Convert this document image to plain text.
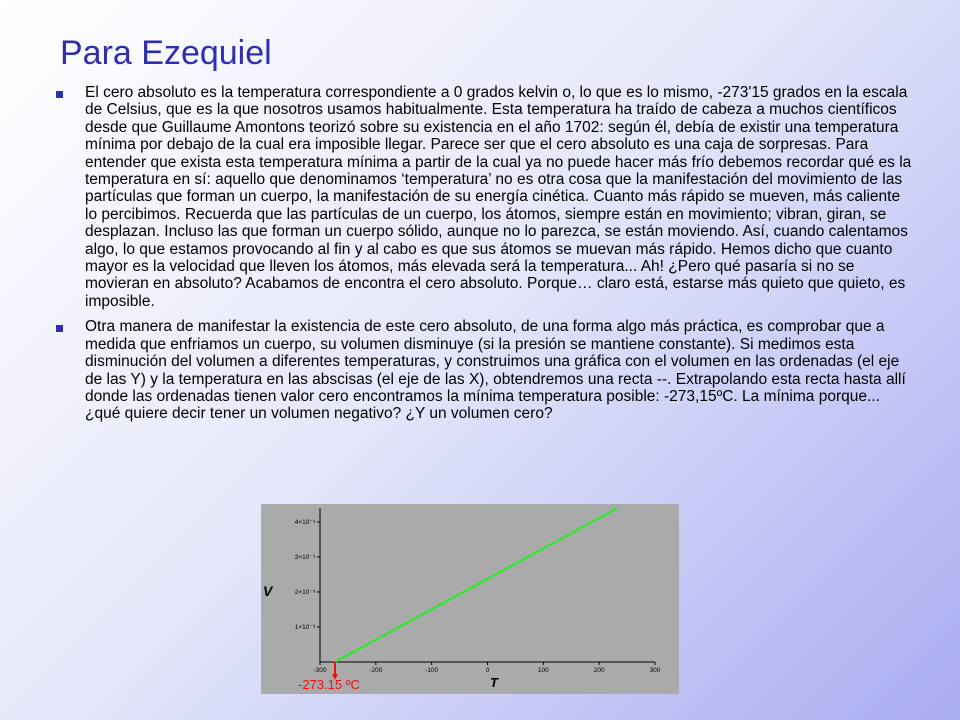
Para Ezequiel

El cero absoluto es la temperatura correspondiente a 0 grados kelvin o, lo que es lo mismo, -273'15 grados en la escala de Celsius, que es la que nosotros usamos habitualmente. Esta temperatura ha traído de cabeza a muchos científicos desde que Guillaume Amontons teorizó sobre su existencia en el año 1702: según él, debía de existir una temperatura mínima por debajo de la cual era imposible llegar. Parece ser que el cero absoluto es una caja de sorpresas. Para entender que exista esta temperatura mínima a partir de la cual ya no puede hacer más frío debemos recordar qué es la temperatura en sí: aquello que denominamos ‘temperatura’ no es otra cosa que la manifestación del movimiento de las partículas que forman un cuerpo, la manifestación de su energía cinética. Cuanto más rápido se mueven, más caliente lo percibimos. Recuerda que las partículas de un cuerpo, los átomos, siempre están en movimiento; vibran, giran, se desplazan. Incluso las que forman un cuerpo sólido, aunque no lo parezca, se están moviendo. Así, cuando calentamos algo, lo que estamos provocando al fin y al cabo es que sus átomos se muevan más rápido. Hemos dicho que cuanto mayor es la velocidad que lleven los átomos, más elevada será la temperatura... Ah! ¿Pero qué pasaría si no se movieran en absoluto? Acabamos de encontra el cero absoluto. Porque… claro está, estarse más quieto que quieto, es imposible.

Otra manera de manifestar la existencia de este cero absoluto, de una forma algo más práctica, es comprobar que a medida que enfriamos un cuerpo, su volumen disminuye (si la presión se mantiene constante). Si medimos esta disminución del volumen a diferentes temperaturas, y construimos una gráfica con el volumen en las ordenadas (el eje de las Y) y la temperatura en las abscisas (el eje de las X), obtendremos una recta --. Extrapolando esta recta hasta allí donde las ordenadas tienen valor cero encontramos la mínima temperatura posible: -273,15ºC. La mínima porque... ¿qué quiere decir tener un volumen negativo? ¿Y un volumen cero?

1×10⁻³
2×10⁻³
3×10⁻³
4×10⁻³
-300	-200	-100	0	100	200	300
V
T
-273.15 ºC
